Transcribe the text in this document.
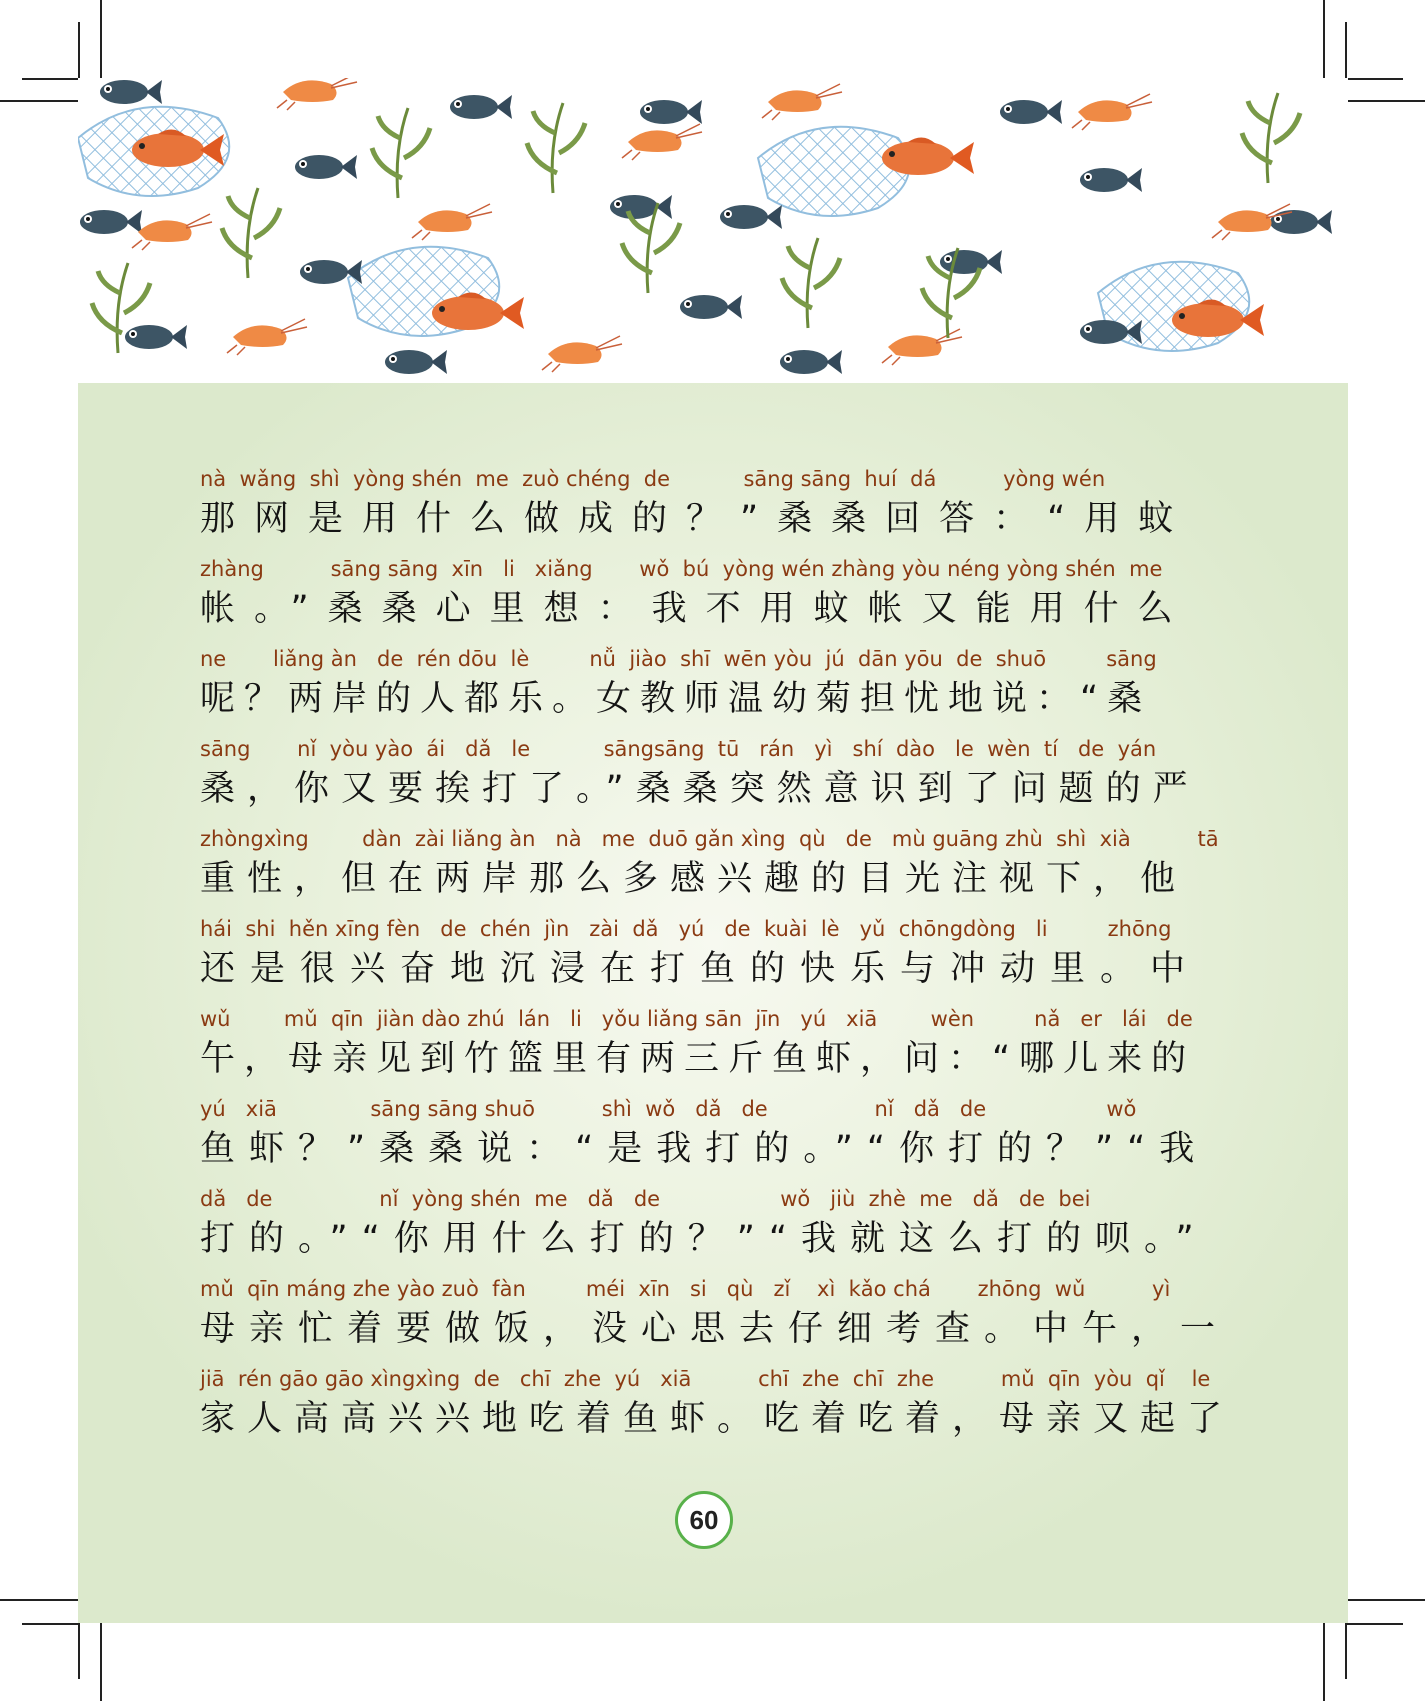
nà  wǎng  shì  yòng shén  me  zuò chéng  de           sāng sāng  huí  dá          yòng wén
那网是用什么做成的？”桑桑回答：“用蚊
zhàng          sāng sāng  xīn   li   xiǎng       wǒ  bú  yòng wén zhàng yòu néng yòng shén  me
帐。”桑桑心里想：我不用蚊帐又能用什么
ne       liǎng àn   de  rén dōu  lè         nǚ  jiào  shī  wēn yòu  jú  dān yōu  de  shuō         sāng
呢？两岸的人都乐。女教师温幼菊担忧地说：“桑
sāng       nǐ  yòu yào  ái   dǎ   le           sāngsāng  tū   rán   yì   shí  dào   le  wèn  tí   de  yán
桑，你又要挨打了。”桑桑突然意识到了问题的严
zhòngxìng        dàn  zài liǎng àn   nà   me  duō gǎn xìng  qù   de   mù guāng zhù  shì  xià          tā
重性，但在两岸那么多感兴趣的目光注视下，他
hái  shi  hěn xīng fèn   de  chén  jìn   zài  dǎ   yú   de  kuài  lè   yǔ  chōngdòng   li         zhōng
还是很兴奋地沉浸在打鱼的快乐与冲动里。中
wǔ        mǔ  qīn  jiàn dào zhú  lán   li   yǒu liǎng sān  jīn   yú   xiā        wèn         nǎ   er   lái   de
午，母亲见到竹篮里有两三斤鱼虾，问：“哪儿来的
yú   xiā              sāng sāng shuō          shì  wǒ   dǎ   de                nǐ   dǎ   de                  wǒ
鱼虾？”桑桑说：“是我打的。”“你打的？”“我
dǎ   de                nǐ  yòng shén  me   dǎ   de                  wǒ   jiù  zhè  me   dǎ   de  bei
打的。”“你用什么打的？”“我就这么打的呗。”
mǔ  qīn máng zhe yào zuò  fàn         méi  xīn   si   qù   zǐ    xì  kǎo chá       zhōng  wǔ          yì
母亲忙着要做饭，没心思去仔细考查。中午，一
jiā  rén gāo gāo xìngxìng  de   chī  zhe  yú   xiā          chī  zhe  chī  zhe          mǔ  qīn  yòu  qǐ    le
家人高高兴兴地吃着鱼虾。吃着吃着，母亲又起了
60
